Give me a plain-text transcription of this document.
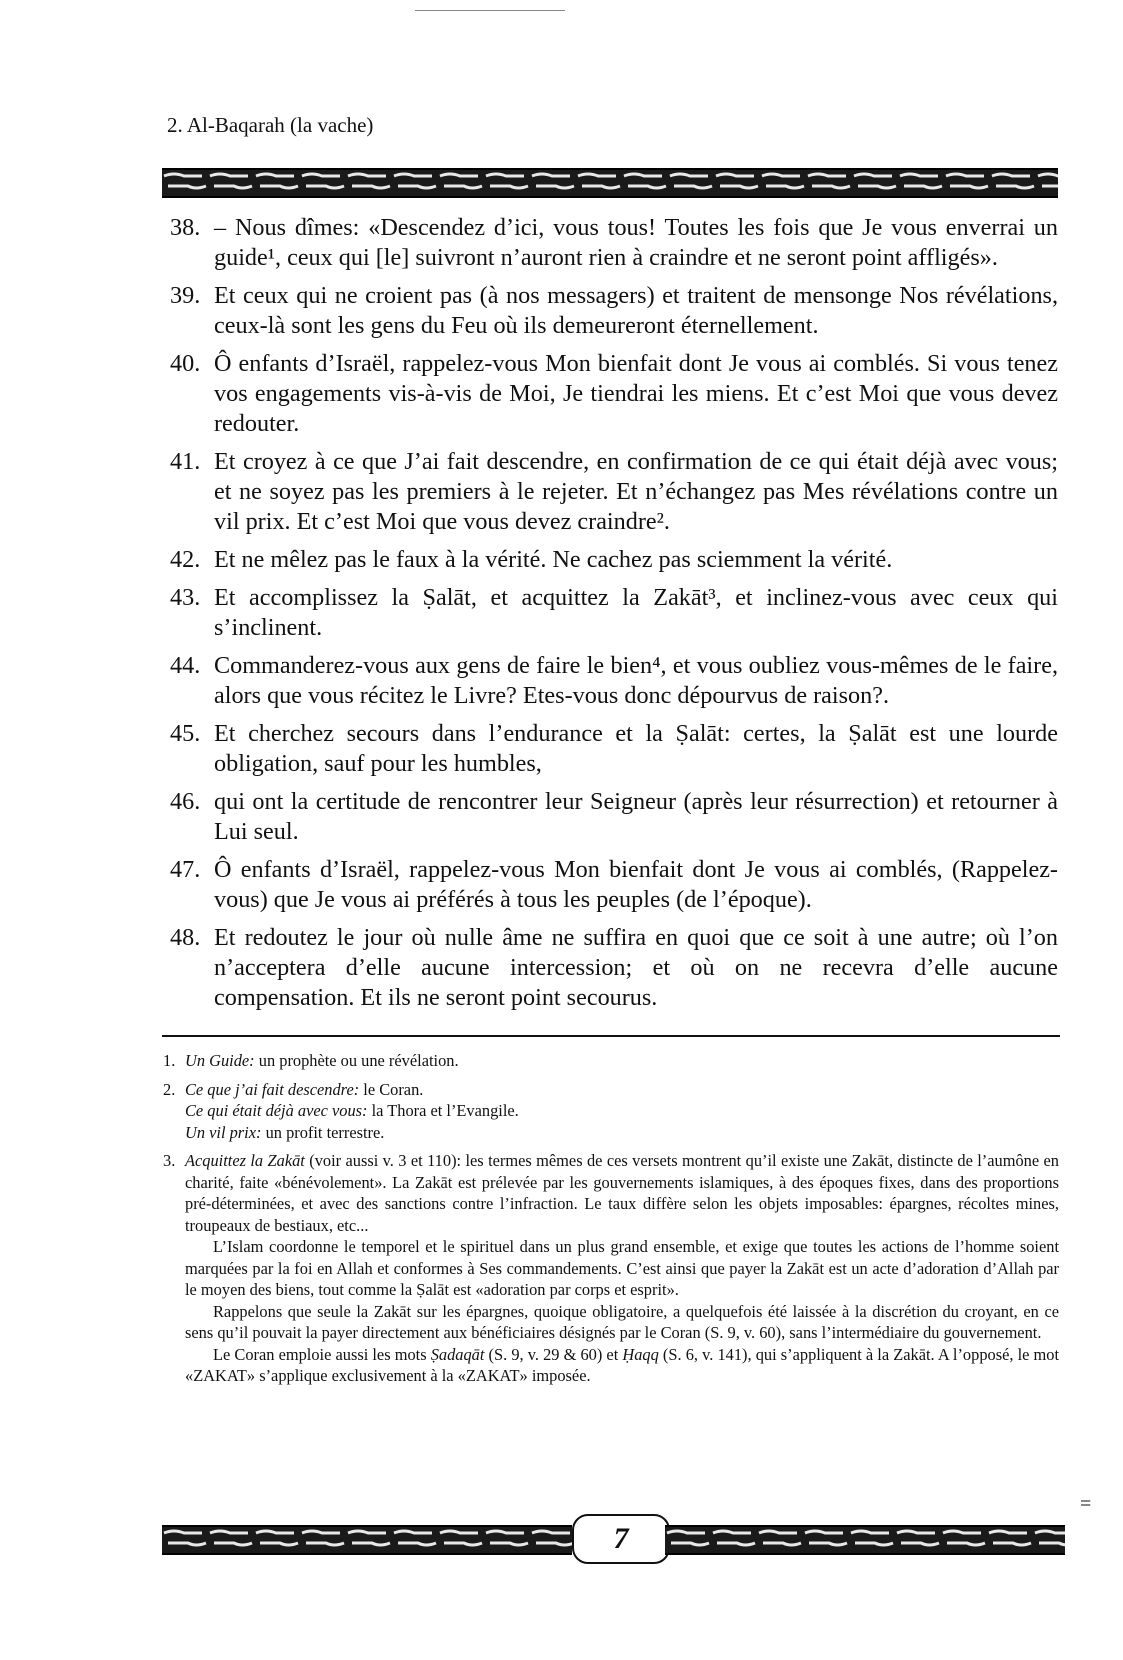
2. Al-Baqarah (la vache)
38. – Nous dîmes: «Descendez d’ici, vous tous! Toutes les fois que Je vous enverrai un guide¹, ceux qui [le] suivront n’auront rien à craindre et ne seront point affligés».
39. Et ceux qui ne croient pas (à nos messagers) et traitent de mensonge Nos révélations, ceux-là sont les gens du Feu où ils demeureront éternellement.
40. Ô enfants d’Israël, rappelez-vous Mon bienfait dont Je vous ai comblés. Si vous tenez vos engagements vis-à-vis de Moi, Je tiendrai les miens. Et c’est Moi que vous devez redouter.
41. Et croyez à ce que J’ai fait descendre, en confirmation de ce qui était déjà avec vous; et ne soyez pas les premiers à le rejeter. Et n’échangez pas Mes révélations contre un vil prix. Et c’est Moi que vous devez craindre².
42. Et ne mêlez pas le faux à la vérité. Ne cachez pas sciemment la vérité.
43. Et accomplissez la Ṣalāt, et acquittez la Zakāt³, et inclinez-vous avec ceux qui s’inclinent.
44. Commanderez-vous aux gens de faire le bien⁴, et vous oubliez vous-mêmes de le faire, alors que vous récitez le Livre? Etes-vous donc dépourvus de raison?.
45. Et cherchez secours dans l’endurance et la Ṣalāt: certes, la Ṣalāt est une lourde obligation, sauf pour les humbles,
46. qui ont la certitude de rencontrer leur Seigneur (après leur résurrection) et retourner à Lui seul.
47. Ô enfants d’Israël, rappelez-vous Mon bienfait dont Je vous ai comblés, (Rappelez-vous) que Je vous ai préférés à tous les peuples (de l’époque).
48. Et redoutez le jour où nulle âme ne suffira en quoi que ce soit à une autre; où l’on n’acceptera d’elle aucune intercession; et où on ne recevra d’elle aucune compensation. Et ils ne seront point secourus.
1. Un Guide: un prophète ou une révélation.

2. Ce que j’ai fait descendre: le Coran.

Ce qui était déjà avec vous: la Thora et l’Evangile.

Un vil prix: un profit terrestre.

3. Acquittez la Zakāt (voir aussi v. 3 et 110): les termes mêmes de ces versets montrent qu’il existe une Zakāt, distincte de l’aumône en charité, faite «bénévolement». La Zakāt est prélevée par les gouvernements islamiques, à des époques fixes, dans des proportions pré-déterminées, et avec des sanctions contre l’infraction. Le taux diffère selon les objets imposables: épargnes, récoltes mines, troupeaux de bestiaux, etc...

L’Islam coordonne le temporel et le spirituel dans un plus grand ensemble, et exige que toutes les actions de l’homme soient marquées par la foi en Allah et conformes à Ses commandements. C’est ainsi que payer la Zakāt est un acte d’adoration d’Allah par le moyen des biens, tout comme la Ṣalāt est «adoration par corps et esprit».

Rappelons que seule la Zakāt sur les épargnes, quoique obligatoire, a quelquefois été laissée à la discrétion du croyant, en ce sens qu’il pouvait la payer directement aux bénéficiaires désignés par le Coran (S. 9, v. 60), sans l’intermédiaire du gouvernement.

Le Coran emploie aussi les mots Ṣadaqāt (S. 9, v. 29 & 60) et Ḥaqq (S. 6, v. 141), qui s’appliquent à la Zakāt. A l’opposé, le mot «ZAKAT» s’applique exclusivement à la «ZAKAT» imposée.

=
7
